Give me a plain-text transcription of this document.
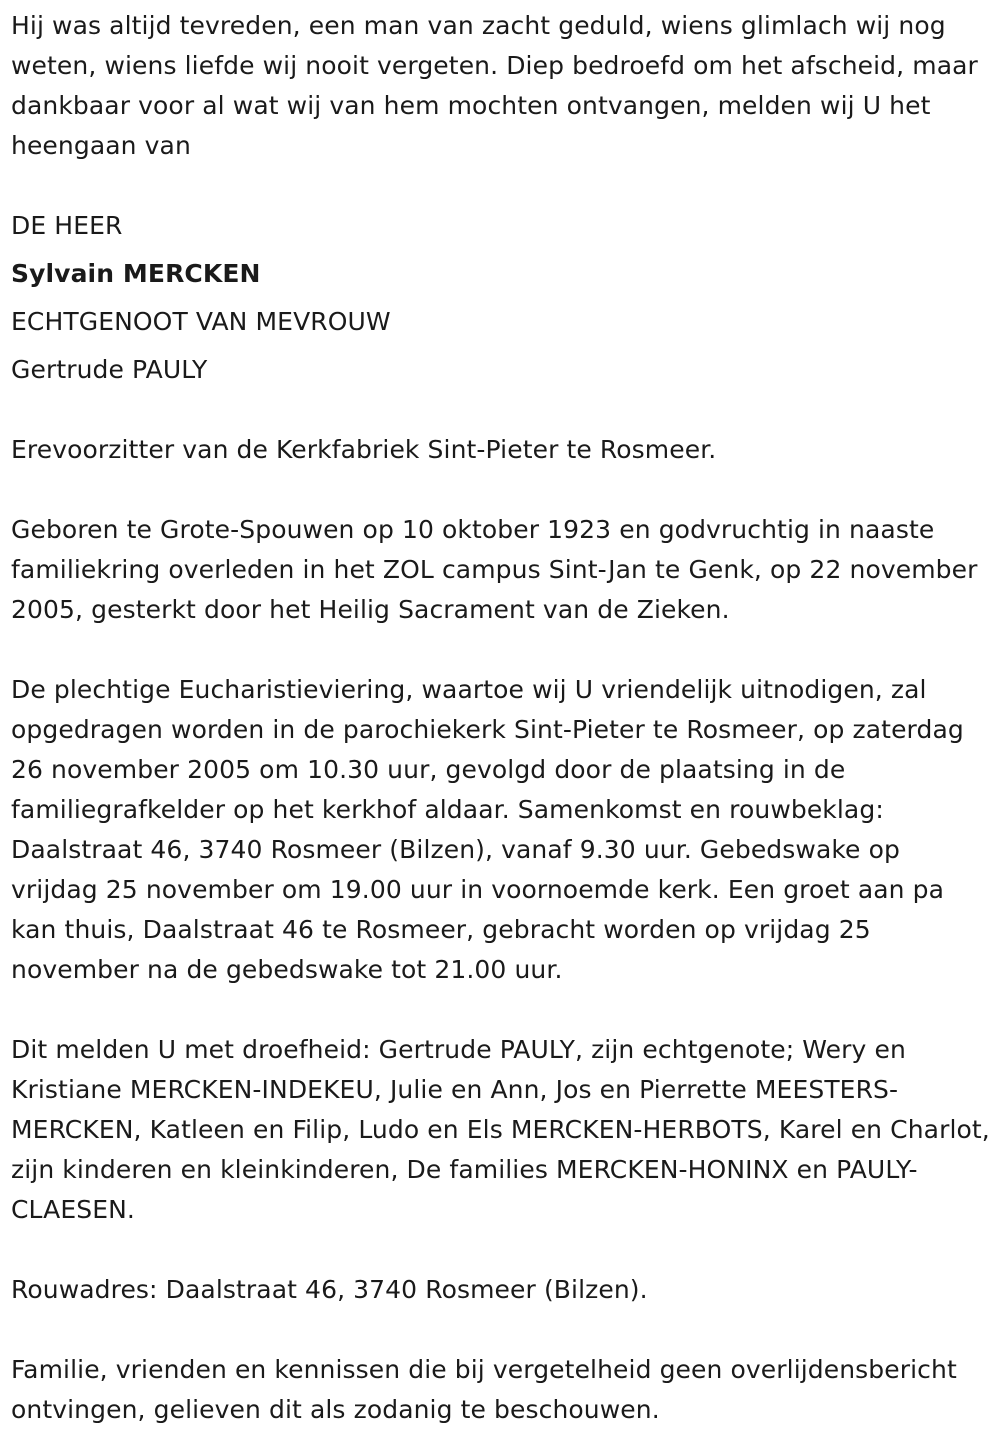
Hij was altijd tevreden, een man van zacht geduld, wiens glimlach wij nog weten, wiens liefde wij nooit vergeten. Diep bedroefd om het afscheid, maar dankbaar voor al wat wij van hem mochten ontvangen, melden wij U het heengaan van

DE HEER

Sylvain MERCKEN

ECHTGENOOT VAN MEVROUW

Gertrude PAULY

Erevoorzitter van de Kerkfabriek Sint-Pieter te Rosmeer.

Geboren te Grote-Spouwen op 10 oktober 1923 en godvruchtig in naaste familiekring overleden in het ZOL campus Sint-Jan te Genk, op 22 november 2005, gesterkt door het Heilig Sacrament van de Zieken.

De plechtige Eucharistieviering, waartoe wij U vriendelijk uitnodigen, zal opgedragen worden in de parochiekerk Sint-Pieter te Rosmeer, op zaterdag 26 november 2005 om 10.30 uur, gevolgd door de plaatsing in de familiegrafkelder op het kerkhof aldaar. Samenkomst en rouwbeklag: Daalstraat 46, 3740 Rosmeer (Bilzen), vanaf 9.30 uur. Gebedswake op vrijdag 25 november om 19.00 uur in voornoemde kerk. Een groet aan pa kan thuis, Daalstraat 46 te Rosmeer, gebracht worden op vrijdag 25 november na de gebedswake tot 21.00 uur.

Dit melden U met droefheid: Gertrude PAULY, zijn echtgenote; Wery en Kristiane MERCKEN-INDEKEU, Julie en Ann, Jos en Pierrette MEESTERS-MERCKEN, Katleen en Filip, Ludo en Els MERCKEN-HERBOTS, Karel en Charlot, zijn kinderen en kleinkinderen, De families MERCKEN-HONINX en PAULY-CLAESEN.

Rouwadres: Daalstraat 46, 3740 Rosmeer (Bilzen).

Familie, vrienden en kennissen die bij vergetelheid geen overlijdensbericht ontvingen, gelieven dit als zodanig te beschouwen.
